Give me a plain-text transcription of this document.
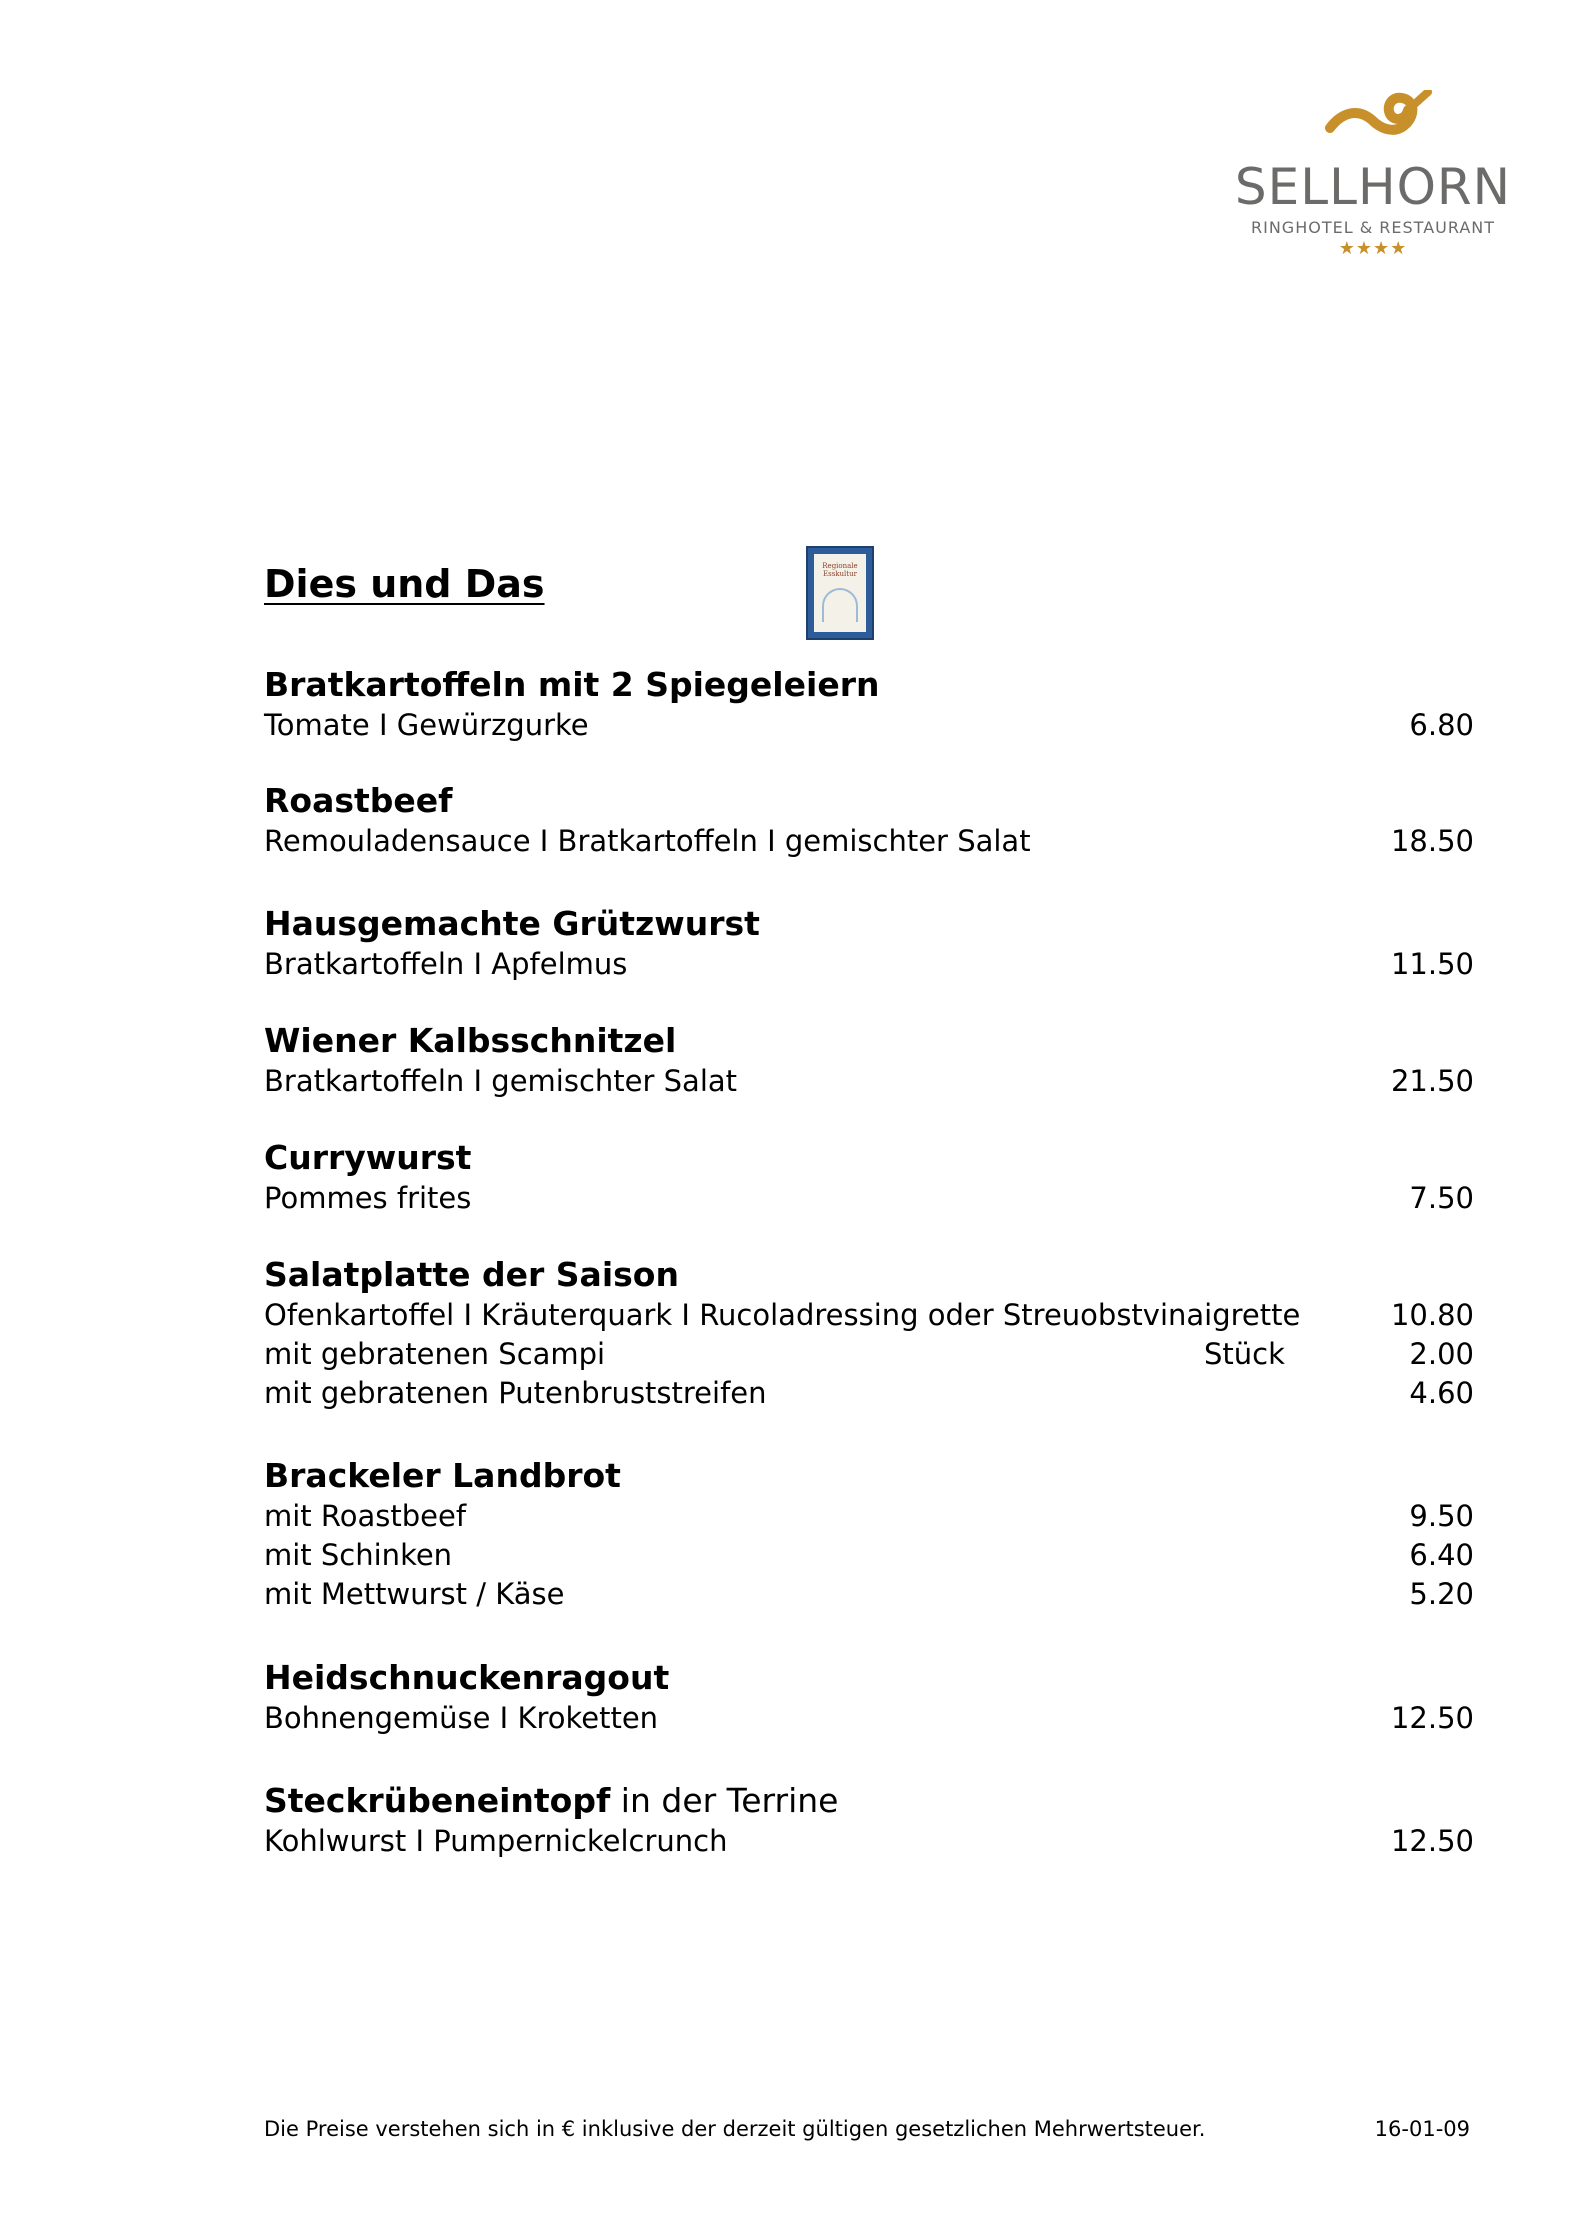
SELLHORN
RINGHOTEL & RESTAURANT
★★★★
Dies und Das	Regionale
Esskultur
Bratkartoffeln mit 2 Spiegeleiern
Tomate I Gewürzgurke	6.80
Roastbeef
Remouladensauce I Bratkartoffeln I gemischter Salat	18.50
Hausgemachte Grützwurst
Bratkartoffeln I Apfelmus	11.50
Wiener Kalbsschnitzel
Bratkartoffeln I gemischter Salat	21.50
Currywurst
Pommes frites	7.50
Salatplatte der Saison
Ofenkartoffel I Kräuterquark I Rucoladressing oder Streuobstvinaigrette	10.80
mit gebratenen Scampi	Stück	2.00
mit gebratenen Putenbruststreifen	4.60
Brackeler Landbrot
mit Roastbeef	9.50
mit Schinken	6.40
mit Mettwurst / Käse	5.20
Heidschnuckenragout
Bohnengemüse I Kroketten	12.50
Steckrübeneintopf in der Terrine
Kohlwurst I Pumpernickelcrunch	12.50
Die Preise verstehen sich in € inklusive der derzeit gültigen gesetzlichen Mehrwertsteuer.	16-01-09
